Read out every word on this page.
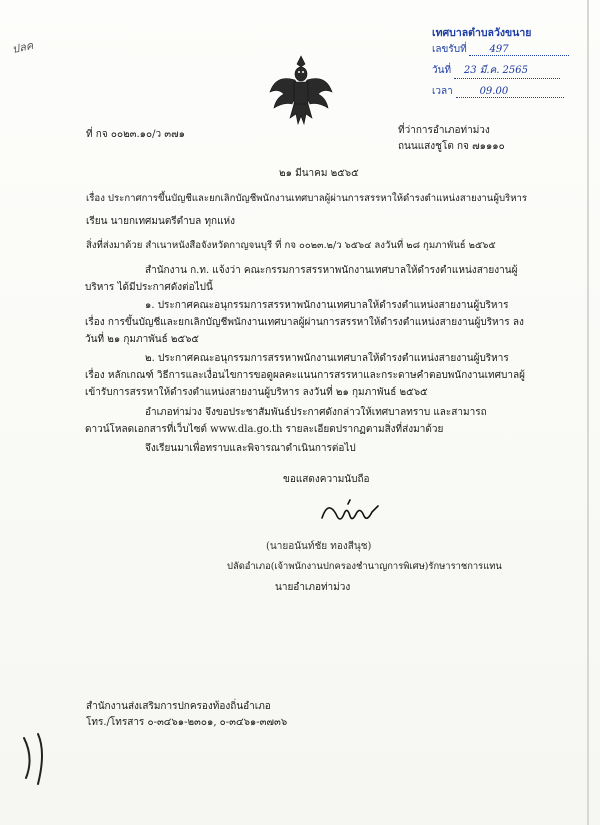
ปลค
เทศบาลตำบลวังขนาย
เลขรับที่ 497
วันที่ 23 มี.ค. 2565
เวลา	09.00
ที่ กจ ๐๐๒๓.๑๐/ว ๓๗๑	ที่ว่าการอำเภอท่าม่วง
ถนนแสงชูโต กจ ๗๑๑๑๐
๒๑ มีนาคม ๒๕๖๕
เรื่อง ประกาศการขึ้นบัญชีและยกเลิกบัญชีพนักงานเทศบาลผู้ผ่านการสรรหาให้ดำรงตำแหน่งสายงานผู้บริหาร
เรียน นายกเทศมนตรีตำบล ทุกแห่ง
สิ่งที่ส่งมาด้วย สำเนาหนังสือจังหวัดกาญจนบุรี ที่ กจ ๐๐๒๓.๒/ว ๖๕๖๔ ลงวันที่ ๒๘ กุมภาพันธ์ ๒๕๖๕
สำนักงาน ก.ท. แจ้งว่า คณะกรรมการสรรหาพนักงานเทศบาลให้ดำรงตำแหน่งสายงานผู้บริหาร ได้มีประกาศดังต่อไปนี้
๑. ประกาศคณะอนุกรรมการสรรหาพนักงานเทศบาลให้ดำรงตำแหน่งสายงานผู้บริหาร เรื่อง การขึ้นบัญชีและยกเลิกบัญชีพนักงานเทศบาลผู้ผ่านการสรรหาให้ดำรงตำแหน่งสายงานผู้บริหาร ลงวันที่ ๒๑ กุมภาพันธ์ ๒๕๖๕
๒. ประกาศคณะอนุกรรมการสรรหาพนักงานเทศบาลให้ดำรงตำแหน่งสายงานผู้บริหาร เรื่อง หลักเกณฑ์ วิธีการและเงื่อนไขการขอดูผลคะแนนการสรรหาและกระดาษคำตอบพนักงานเทศบาลผู้เข้ารับการสรรหาให้ดำรงตำแหน่งสายงานผู้บริหาร ลงวันที่ ๒๑ กุมภาพันธ์ ๒๕๖๕
อำเภอท่าม่วง จึงขอประชาสัมพันธ์ประกาศดังกล่าวให้เทศบาลทราบ และสามารถดาวน์โหลดเอกสารที่เว็บไซต์ www.dla.go.th รายละเอียดปรากฏตามสิ่งที่ส่งมาด้วย
จึงเรียนมาเพื่อทราบและพิจารณาดำเนินการต่อไป
ขอแสดงความนับถือ
(นายอนันท์ชัย ทองสีนุช)
ปลัดอำเภอ(เจ้าพนักงานปกครองชำนาญการพิเศษ)รักษาราชการแทน
นายอำเภอท่าม่วง
สำนักงานส่งเสริมการปกครองท้องถิ่นอำเภอ
โทร./โทรสาร ๐-๓๔๖๑-๒๓๐๑, ๐-๓๔๖๑-๓๗๓๖
